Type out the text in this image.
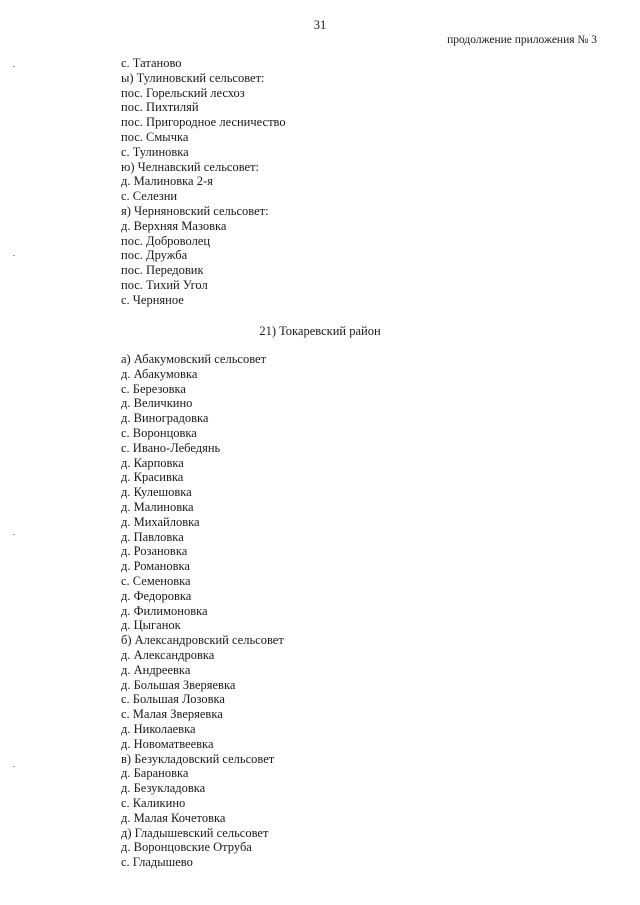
31
продолжение приложения № 3
с. Татаново
ы) Тулиновский сельсовет:
пос. Горельский лесхоз
пос. Пихтиляй
пос. Пригородное лесничество
пос. Смычка
с. Тулиновка
ю) Челнавский сельсовет:
д. Малиновка 2-я
с. Селезни
я) Черняновский сельсовет:
д. Верхняя Мазовка
пос. Доброволец
пос. Дружба
пос. Передовик
пос. Тихий Угол
с. Черняное
21) Токаревский район
а) Абакумовский сельсовет
д. Абакумовка
с. Березовка
д. Величкино
д. Виноградовка
с. Воронцовка
с. Ивано-Лебедянь
д. Карповка
д. Красивка
д. Кулешовка
д. Малиновка
д. Михайловка
д. Павловка
д. Розановка
д. Романовка
с. Семеновка
д. Федоровка
д. Филимоновка
д. Цыганок
б) Александровский сельсовет
д. Александровка
д. Андреевка
д. Большая Зверяевка
с. Большая Лозовка
с. Малая Зверяевка
д. Николаевка
д. Новоматвеевка
в) Безукладовский сельсовет
д. Барановка
д. Безукладовка
с. Каликино
д. Малая Кочетовка
д) Гладышевский сельсовет
д. Воронцовские Отруба
с. Гладышево
